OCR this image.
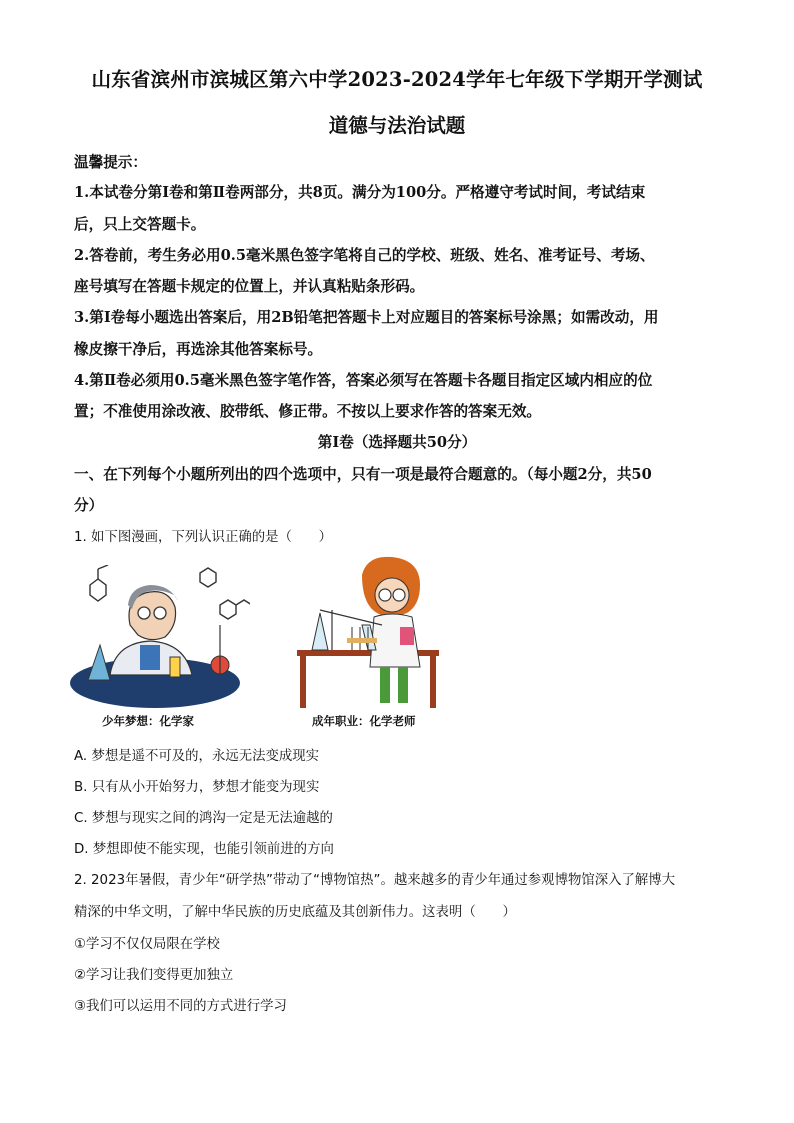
山东省滨州市滨城区第六中学2023-2024学年七年级下学期开学测试
道德与法治试题
温馨提示：
1.本试卷分第Ⅰ卷和第Ⅱ卷两部分，共8页。满分为100分。严格遵守考试时间，考试结束
后，只上交答题卡。
2.答卷前，考生务必用0.5毫米黑色签字笔将自己的学校、班级、姓名、准考证号、考场、
座号填写在答题卡规定的位置上，并认真粘贴条形码。
3.第Ⅰ卷每小题选出答案后，用2B铅笔把答题卡上对应题目的答案标号涂黑；如需改动，用
橡皮擦干净后，再选涂其他答案标号。
4.第Ⅱ卷必须用0.5毫米黑色签字笔作答，答案必须写在答题卡各题目指定区域内相应的位
置；不准使用涂改液、胶带纸、修正带。不按以上要求作答的答案无效。
第Ⅰ卷（选择题共50分）
一、在下列每个小题所列出的四个选项中，只有一项是最符合题意的。（每小题2分，共50
分）
1. 如下图漫画，下列认识正确的是（　　）
少年梦想：化学家	成年职业：化学老师
A. 梦想是遥不可及的，永远无法变成现实
B. 只有从小开始努力，梦想才能变为现实
C. 梦想与现实之间的鸿沟一定是无法逾越的
D. 梦想即使不能实现，也能引领前进的方向
2. 2023年暑假，青少年“研学热”带动了“博物馆热”。越来越多的青少年通过参观博物馆深入了解博大
精深的中华文明，了解中华民族的历史底蕴及其创新伟力。这表明（　　）
①学习不仅仅局限在学校
②学习让我们变得更加独立
③我们可以运用不同的方式进行学习
